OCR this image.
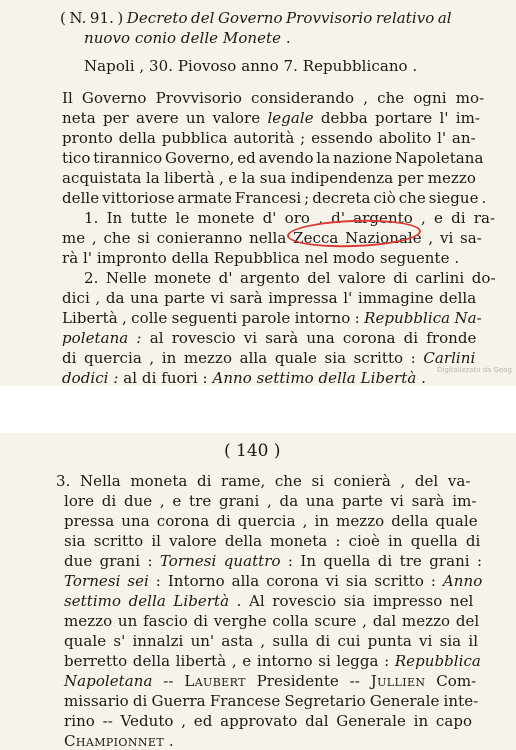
( N. 91. ) Decreto del Governo Provvisorio relativo al
nuovo conio delle Monete .
Napoli , 30. Piovoso anno 7. Repubblicano .
Il Governo Provvisorio considerando , che ogni mo-
neta per avere un valore legale debba portare l' im-
pronto della pubblica autorità ; essendo abolito l' an-
tico tirannico Governo, ed avendo la nazione Napoletana
acquistata la libertà , e la sua indipendenza per mezzo
delle vittoriose armate Francesi ; decreta ciò che siegue .
1. In tutte le monete d' oro , d' argento , e di ra-
me , che si conieranno nella Zecca Nazionale , vi sa-
rà l' impronto della Repubblica nel modo seguente .
2. Nelle monete d' argento del valore di carlini do-
dici , da una parte vi sarà impressa l' immagine della
Libertà , colle seguenti parole intorno : Repubblica Na-
poletana : al rovescio vi sarà una corona di fronde
di quercia , in mezzo alla quale sia scritto : Carlini
dodici : al di fuori : Anno settimo della Libertà . Digitalizzato da Goog
( 140 )
3. Nella moneta di rame, che si conierà , del va-
lore di due , e tre grani , da una parte vi sarà im-
pressa una corona di quercia , in mezzo della quale
sia scritto il valore della moneta : cioè in quella di
due grani : Tornesi quattro : In quella di tre grani :
Tornesi sei : Intorno alla corona vi sia scritto : Anno
settimo della Libertà . Al rovescio sia impresso nel
mezzo un fascio di verghe colla scure , dal mezzo del
quale s' innalzi un' asta , sulla di cui punta vi sia il
berretto della libertà , e intorno si legga : Repubblica
Napoletana -- Laubert Presidente -- Jullien Com-
missario di Guerra Francese Segretario Generale inte-
rino -- Veduto , ed approvato dal Generale in capo
Championnet .
